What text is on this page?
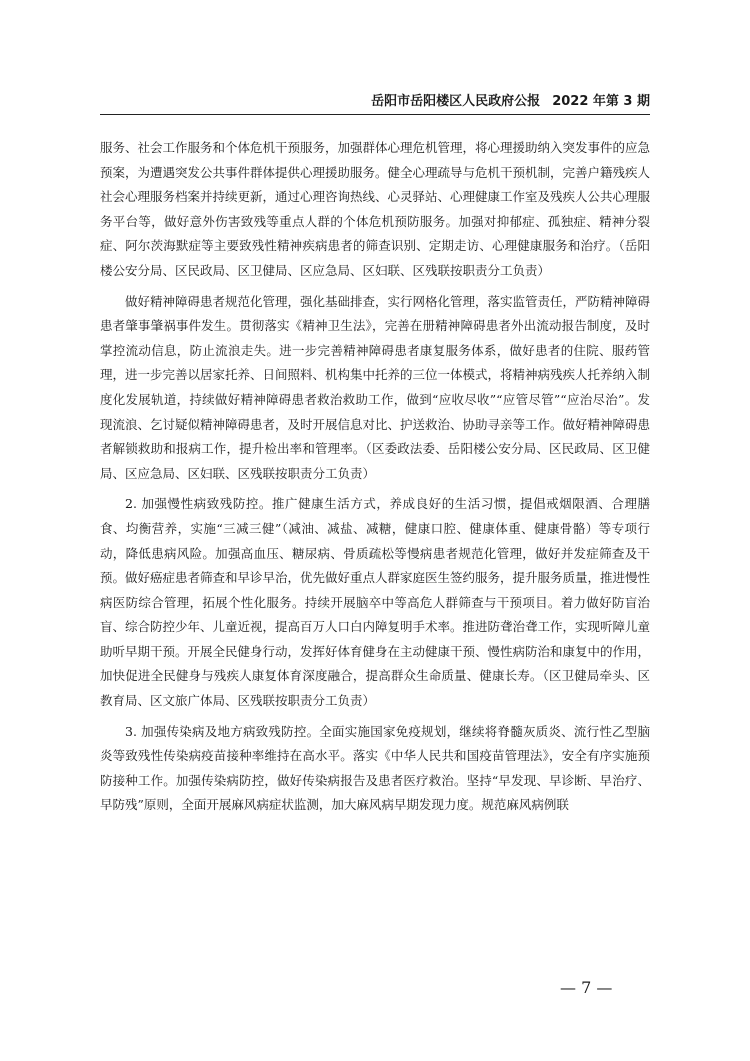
岳阳市岳阳楼区人民政府公报 2022 年第 3 期

服务、社会工作服务和个体危机干预服务，加强群体心理危机管理，将心理援助纳入突发事件的应急预案，为遭遇突发公共事件群体提供心理援助服务。健全心理疏导与危机干预机制，完善户籍残疾人社会心理服务档案并持续更新，通过心理咨询热线、心灵驿站、心理健康工作室及残疾人公共心理服务平台等，做好意外伤害致残等重点人群的个体危机预防服务。加强对抑郁症、孤独症、精神分裂症、阿尔茨海默症等主要致残性精神疾病患者的筛查识别、定期走访、心理健康服务和治疗。（岳阳楼公安分局、区民政局、区卫健局、区应急局、区妇联、区残联按职责分工负责）

做好精神障碍患者规范化管理，强化基础排查，实行网格化管理，落实监管责任，严防精神障碍患者肇事肇祸事件发生。贯彻落实《精神卫生法》，完善在册精神障碍患者外出流动报告制度，及时掌控流动信息，防止流浪走失。进一步完善精神障碍患者康复服务体系，做好患者的住院、服药管理，进一步完善以居家托养、日间照料、机构集中托养的三位一体模式，将精神病残疾人托养纳入制度化发展轨道，持续做好精神障碍患者救治救助工作，做到“应收尽收”“应管尽管”“应治尽治”。发现流浪、乞讨疑似精神障碍患者，及时开展信息对比、护送救治、协助寻亲等工作。做好精神障碍患者解锁救助和报病工作，提升检出率和管理率。（区委政法委、岳阳楼公安分局、区民政局、区卫健局、区应急局、区妇联、区残联按职责分工负责）

2. 加强慢性病致残防控。推广健康生活方式，养成良好的生活习惯，提倡戒烟限酒、合理膳食、均衡营养，实施“三减三健”（减油、减盐、减糖，健康口腔、健康体重、健康骨骼）等专项行动，降低患病风险。加强高血压、糖尿病、骨质疏松等慢病患者规范化管理，做好并发症筛查及干预。做好癌症患者筛查和早诊早治，优先做好重点人群家庭医生签约服务，提升服务质量，推进慢性病医防综合管理，拓展个性化服务。持续开展脑卒中等高危人群筛查与干预项目。着力做好防盲治盲、综合防控少年、儿童近视，提高百万人口白内障复明手术率。推进防聋治聋工作，实现听障儿童助听早期干预。开展全民健身行动，发挥好体育健身在主动健康干预、慢性病防治和康复中的作用，加快促进全民健身与残疾人康复体育深度融合，提高群众生命质量、健康长寿。（区卫健局牵头、区教育局、区文旅广体局、区残联按职责分工负责）

3. 加强传染病及地方病致残防控。全面实施国家免疫规划，继续将脊髓灰质炎、流行性乙型脑炎等致残性传染病疫苗接种率维持在高水平。落实《中华人民共和国疫苗管理法》，安全有序实施预防接种工作。加强传染病防控，做好传染病报告及患者医疗救治。坚持“早发现、早诊断、早治疗、早防残”原则，全面开展麻风病症状监测，加大麻风病早期发现力度。规范麻风病例联

— 7 —
